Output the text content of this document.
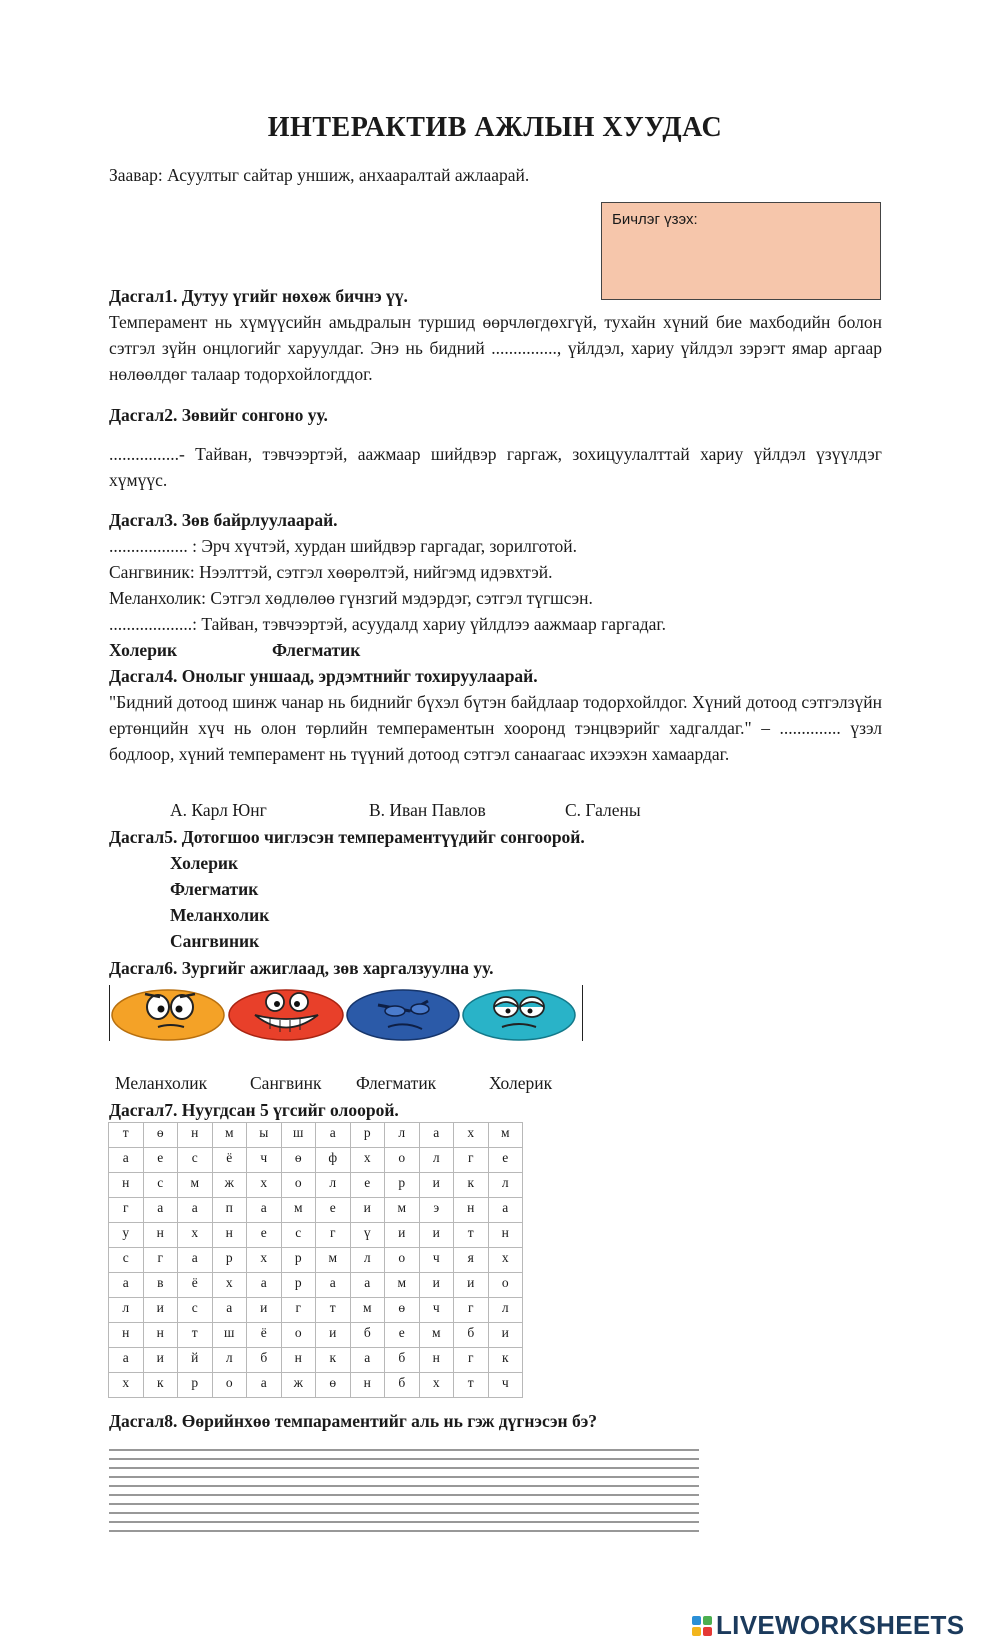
ИНТЕРАКТИВ АЖЛЫН ХУУДАС
Заавар: Асуултыг сайтар унш​иж, анхааралтай ажлаарай.
Бичлэг үзэх:
Дасгал1. Дутуу үгийг нөхөж бичнэ үү.
Темперамент нь хүмүүсийн амьдралын туршид өөрчлөгдөхгүй, тухайн хүний бие махбодийн болон сэтгэл зүйн онцлогийг харуулдаг. Энэ нь бидний ..............., үйлдэл, хариу үйлдэл зэрэгт ямар аргаар нөлөөлдөг талаар тодорхойлогддог.
Дасгал2. Зөвийг сонгоно уу.
................- Тайван, тэвчээртэй, аажмаар шийдвэр гаргаж, зохицуулалттай хариу үйлдэл үзүүлдэг хүмүүс.
Дасгал3. Зөв байрлуулаарай.
.................. : Эрч хүчтэй, хурдан шийдвэр гаргадаг, зорилготой.
Сангвиник: Нээлттэй, сэтгэл хөөрөлтэй, нийгэмд идэвхтэй.
Меланхолик: Сэтгэл хөдлөлөө гүнзгий мэдэрдэг, сэтгэл түгшсэн.
...................: Тайван, тэвчээртэй, асуудалд хариу үйлдлээ аажмаар гаргадаг.
Холерик	Флегматик
Дасгал4. Онолыг уншаад, эрдэмтнийг тохируулаарай.
"Бидний дотоод шинж чанар нь биднийг бүхэл бүтэн байдлаар тодорхойлдог. Хүний дотоод сэтгэлзүйн ертөнцийн хүч нь олон төрлийн темпераментын хооронд тэнцвэрийг хадгалдаг." – .............. үзэл бодлоор, хүний темперамент нь түүний дотоод сэтгэл санаагаас ихээхэн хамаардаг.
А. Карл Юнг	В. Иван Павлов	С. Галены
Дасгал5. Дотогшоо чиглэсэн темпераментүүдийг сонгоорой.
Холерик
Флегматик
Меланхолик
Сангвиник
Дасгал6. Зургийг ажиглаад, зөв харгалзуулна уу.
Меланхолик Сангвинк Флегматик	Холерик
Дасгал7. Нуугдсан 5 үгсийг олоорой.
т	ө	н	м	ы	ш	а	р	л	а	х	м
а	е	с	ё	ч	ө	ф	х	о	л	г	е
н	с	м	ж	х	о	л	е	р	и	к	л
г	а	а	п	а	м	е	и	м	э	н	а
у	н	х	н	е	с	г	ү	и	и	т	н
с	г	а	р	х	р	м	л	о	ч	я	х
а	в	ё	х	а	р	а	а	м	и	и	о
л	и	с	а	и	г	т	м	ө	ч	г	л
н	н	т	ш	ё	о	и	б	е	м	б	и
а	и	й	л	б	н	к	а	б	н	г	к
х	к	р	о	а	ж	ө	н	б	х	т	ч
Дасгал8. Өөрийнхөө темпараментийг аль нь гэж дүгнэсэн бэ?
LIVEWORKSHEETS
